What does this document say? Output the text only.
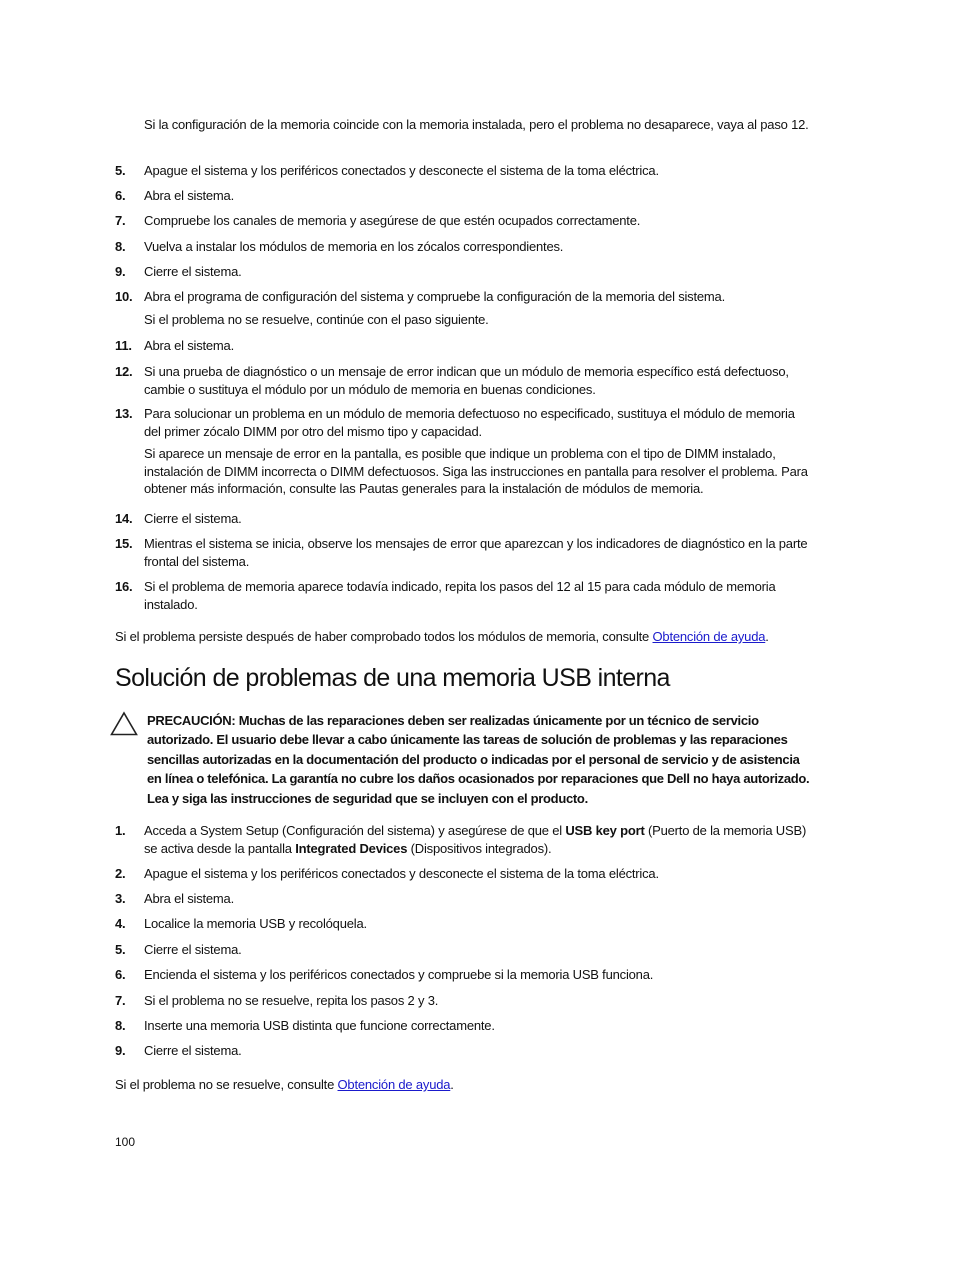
Si la configuración de la memoria coincide con la memoria instalada, pero el problema no desaparece, vaya al paso 12.
5.	Apague el sistema y los periféricos conectados y desconecte el sistema de la toma eléctrica.
6.	Abra el sistema.
7.	Compruebe los canales de memoria y asegúrese de que estén ocupados correctamente.
8.	Vuelva a instalar los módulos de memoria en los zócalos correspondientes.
9.	Cierre el sistema.
10. Abra el programa de configuración del sistema y compruebe la configuración de la memoria del sistema.
Si el problema no se resuelve, continúe con el paso siguiente.
11. Abra el sistema.
12. Si una prueba de diagnóstico o un mensaje de error indican que un módulo de memoria específico está defectuoso, cambie o sustituya el módulo por un módulo de memoria en buenas condiciones.
13. Para solucionar un problema en un módulo de memoria defectuoso no especificado, sustituya el módulo de memoria del primer zócalo DIMM por otro del mismo tipo y capacidad.
Si aparece un mensaje de error en la pantalla, es posible que indique un problema con el tipo de DIMM instalado, instalación de DIMM incorrecta o DIMM defectuosos. Siga las instrucciones en pantalla para resolver el problema. Para obtener más información, consulte las Pautas generales para la instalación de módulos de memoria.
14. Cierre el sistema.
15. Mientras el sistema se inicia, observe los mensajes de error que aparezcan y los indicadores de diagnóstico en la parte frontal del sistema.
16. Si el problema de memoria aparece todavía indicado, repita los pasos del 12 al 15 para cada módulo de memoria instalado.
Si el problema persiste después de haber comprobado todos los módulos de memoria, consulte Obtención de ayuda.
Solución de problemas de una memoria USB interna
PRECAUCIÓN: Muchas de las reparaciones deben ser realizadas únicamente por un técnico de servicio autorizado. El usuario debe llevar a cabo únicamente las tareas de solución de problemas y las reparaciones sencillas autorizadas en la documentación del producto o indicadas por el personal de servicio y de asistencia en línea o telefónica. La garantía no cubre los daños ocasionados por reparaciones que Dell no haya autorizado. Lea y siga las instrucciones de seguridad que se incluyen con el producto.
1.	Acceda a System Setup (Configuración del sistema) y asegúrese de que el USB key port (Puerto de la memoria USB) se activa desde la pantalla Integrated Devices (Dispositivos integrados).
2.	Apague el sistema y los periféricos conectados y desconecte el sistema de la toma eléctrica.
3.	Abra el sistema.
4.	Localice la memoria USB y recolóquela.
5.	Cierre el sistema.
6.	Encienda el sistema y los periféricos conectados y compruebe si la memoria USB funciona.
7.	Si el problema no se resuelve, repita los pasos 2 y 3.
8.	Inserte una memoria USB distinta que funcione correctamente.
9.	Cierre el sistema.
Si el problema no se resuelve, consulte Obtención de ayuda.
100
